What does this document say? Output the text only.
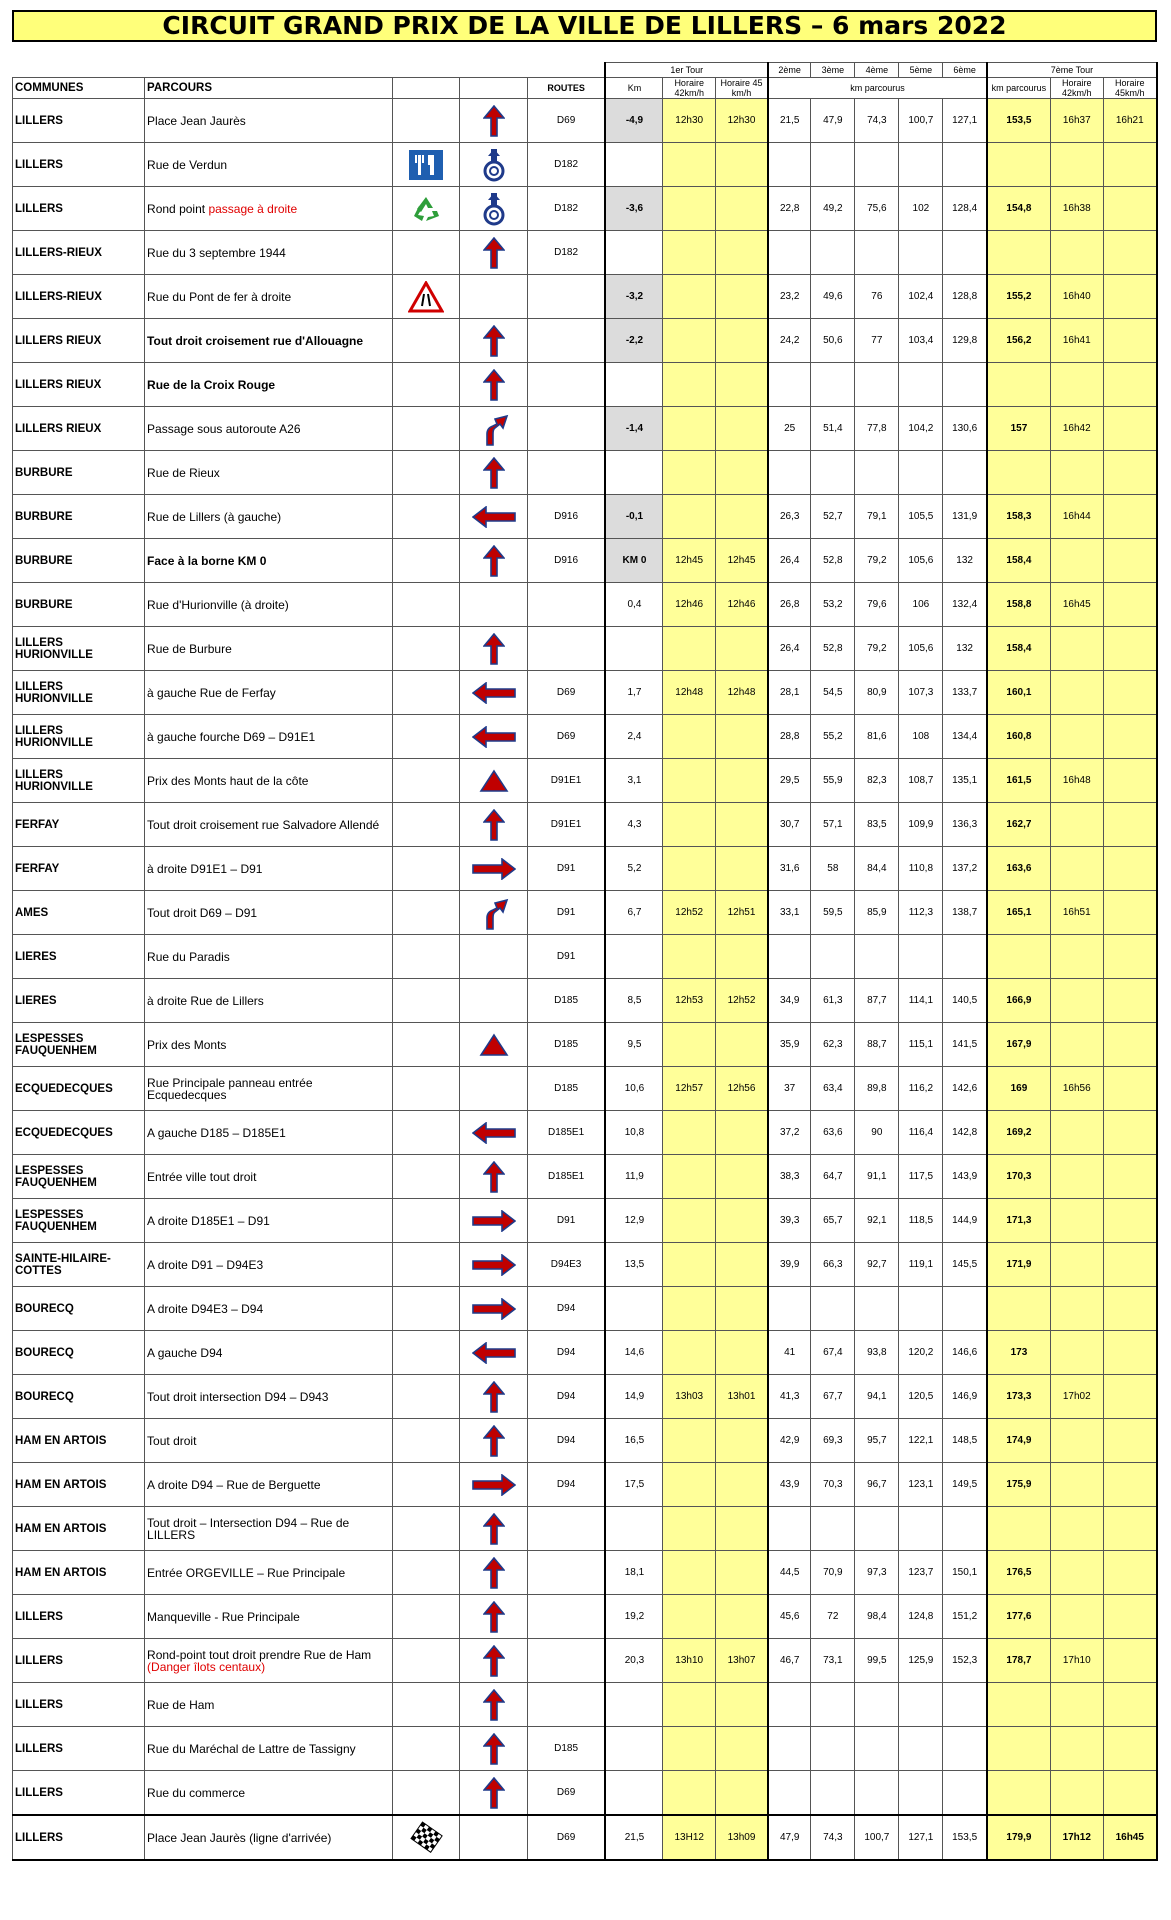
CIRCUIT GRAND PRIX DE LA VILLE DE LILLERS – 6 mars 2022
					1er Tour			2ème	3ème	4ème	5ème	6ème	7ème Tour		
COMMUNES	PARCOURS			ROUTES	Km	Horaire 42km/h	Horaire 45 km/h	km parcourus					km parcourus	Horaire 42km/h	Horaire 45km/h
LILLERS	Place Jean Jaurès			D69	-4,9	12h30	12h30	21,5	47,9	74,3	100,7	127,1	153,5	16h37	16h21
LILLERS	Rue de Verdun			D182											
LILLERS	Rond point passage à droite			D182	-3,6			22,8	49,2	75,6	102	128,4	154,8	16h38	
LILLERS-RIEUX	Rue du 3 septembre 1944			D182											
LILLERS-RIEUX	Rue du Pont de fer à droite				-3,2			23,2	49,6	76	102,4	128,8	155,2	16h40	
LILLERS RIEUX	Tout droit croisement rue d'Allouagne				-2,2			24,2	50,6	77	103,4	129,8	156,2	16h41	
LILLERS RIEUX	Rue de la Croix Rouge		

LILLERS RIEUX	Passage sous autoroute A26				-1,4			25	51,4	77,8	104,2	130,6	157	16h42	
BURBURE	Rue de Rieux		

BURBURE	Rue de Lillers (à gauche)			D916	-0,1			26,3	52,7	79,1	105,5	131,9	158,3	16h44	
BURBURE	Face à la borne KM 0			D916	KM 0	12h45	12h45	26,4	52,8	79,2	105,6	132	158,4		
BURBURE	Rue d'Hurionville (à droite)				0,4	12h46	12h46	26,8	53,2	79,6	106	132,4	158,8	16h45	
LILLERS HURIONVILLE	Rue de Burbure							26,4	52,8	79,2	105,6	132	158,4		
LILLERS HURIONVILLE	à gauche Rue de Ferfay			D69	1,7	12h48	12h48	28,1	54,5	80,9	107,3	133,7	160,1		
LILLERS HURIONVILLE	à gauche fourche D69 – D91E1			D69	2,4			28,8	55,2	81,6	108	134,4	160,8		
LILLERS HURIONVILLE	Prix des Monts haut de la côte			D91E1	3,1			29,5	55,9	82,3	108,7	135,1	161,5	16h48	
FERFAY	Tout droit croisement rue Salvadore Allendé			D91E1	4,3			30,7	57,1	83,5	109,9	136,3	162,7		
FERFAY	à droite D91E1 – D91			D91	5,2			31,6	58	84,4	110,8	137,2	163,6		
AMES	Tout droit D69 – D91			D91	6,7	12h52	12h51	33,1	59,5	85,9	112,3	138,7	165,1	16h51	
LIERES	Rue du Paradis			D91											
LIERES	à droite Rue de Lillers			D185	8,5	12h53	12h52	34,9	61,3	87,7	114,1	140,5	166,9		
LESPESSES FAUQUENHEM	Prix des Monts			D185	9,5			35,9	62,3	88,7	115,1	141,5	167,9		
ECQUEDECQUES	Rue Principale panneau entrée Ecquedecques			D185	10,6	12h57	12h56	37	63,4	89,8	116,2	142,6	169	16h56	
ECQUEDECQUES	A gauche D185 – D185E1			D185E1	10,8			37,2	63,6	90	116,4	142,8	169,2		
LESPESSES FAUQUENHEM	Entrée ville tout droit			D185E1	11,9			38,3	64,7	91,1	117,5	143,9	170,3		
LESPESSES FAUQUENHEM	A droite D185E1 – D91			D91	12,9			39,3	65,7	92,1	118,5	144,9	171,3		
SAINTE-HILAIRE-COTTES	A droite D91 – D94E3			D94E3	13,5			39,9	66,3	92,7	119,1	145,5	171,9		
BOURECQ	A droite D94E3 – D94			D94											
BOURECQ	A gauche D94			D94	14,6			41	67,4	93,8	120,2	146,6	173		
BOURECQ	Tout droit intersection D94 – D943			D94	14,9	13h03	13h01	41,3	67,7	94,1	120,5	146,9	173,3	17h02	
HAM EN ARTOIS	Tout droit			D94	16,5			42,9	69,3	95,7	122,1	148,5	174,9		
HAM EN ARTOIS	A droite D94 – Rue de Berguette			D94	17,5			43,9	70,3	96,7	123,1	149,5	175,9		
HAM EN ARTOIS	Tout droit – Intersection D94 – Rue de LILLERS		

HAM EN ARTOIS	Entrée ORGEVILLE – Rue Principale				18,1			44,5	70,9	97,3	123,7	150,1	176,5		
LILLERS	Manqueville - Rue Principale				19,2			45,6	72	98,4	124,8	151,2	177,6		
LILLERS	Rond-point tout droit prendre Rue de Ham (Danger îlots centaux)				20,3	13h10	13h07	46,7	73,1	99,5	125,9	152,3	178,7	17h10	
LILLERS	Rue de Ham		

LILLERS	Rue du Maréchal de Lattre de Tassigny			D185											
LILLERS	Rue du commerce			D69											
LILLERS	Place Jean Jaurès (ligne d'arrivée)			D69	21,5	13H12	13h09	47,9	74,3	100,7	127,1	153,5	179,9	17h12	16h45
